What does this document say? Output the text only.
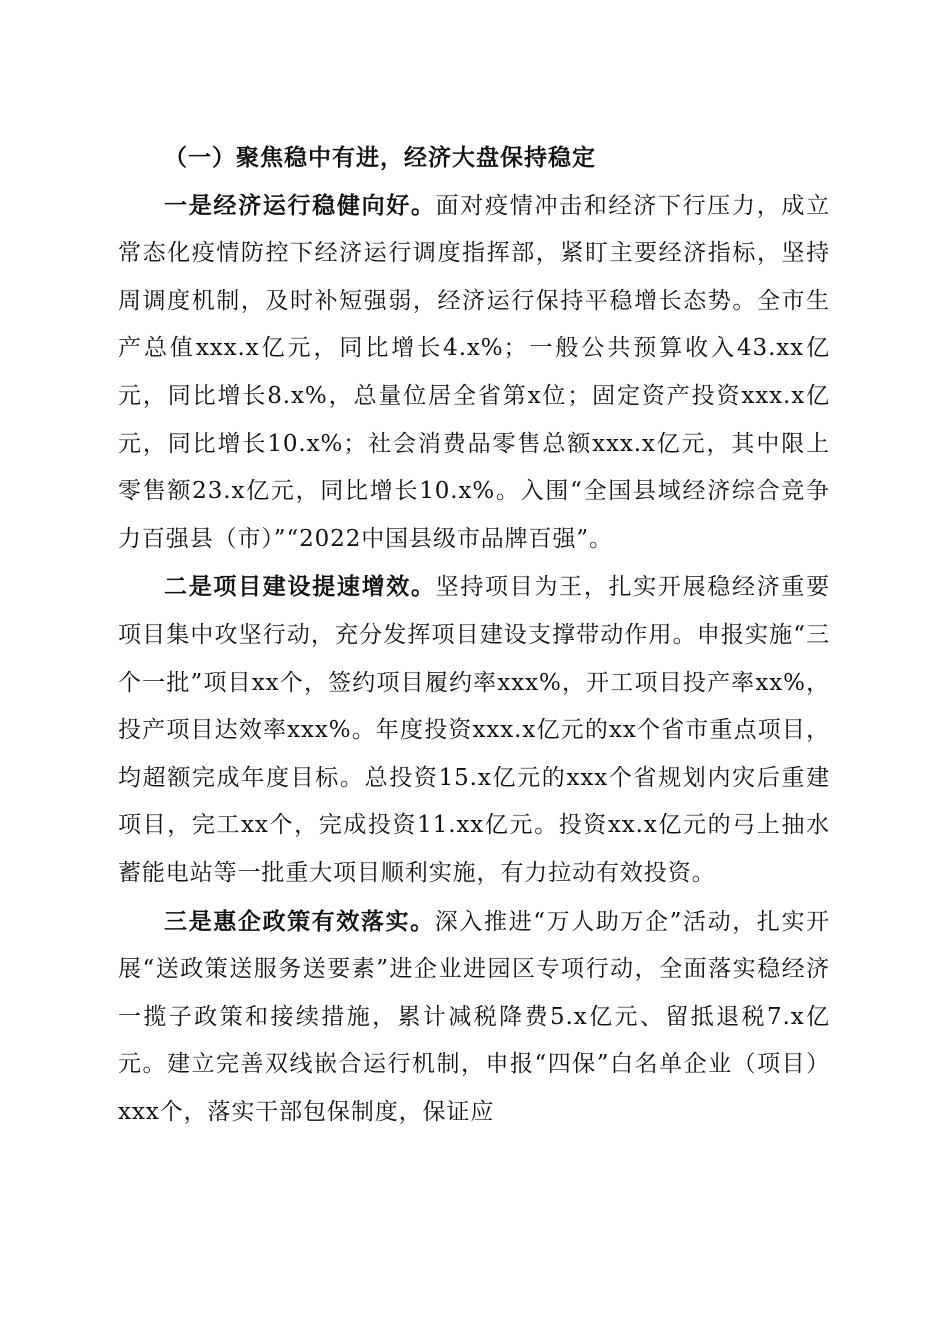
（一）聚焦稳中有进，经济大盘保持稳定

一是经济运行稳健向好。面对疫情冲击和经济下行压力，成立常态化疫情防控下经济运行调度指挥部，紧盯主要经济指标，坚持周调度机制，及时补短强弱，经济运行保持平稳增长态势。全市生产总值xxx.x亿元，同比增长4.x%；一般公共预算收入43.xx亿元，同比增长8.x%，总量位居全省第x位；固定资产投资xxx.x亿元，同比增长10.x%；社会消费品零售总额xxx.x亿元，其中限上零售额23.x亿元，同比增长10.x%。入围“全国县域经济综合竞争力百强县（市）”“2022中国县级市品牌百强”。

二是项目建设提速增效。坚持项目为王，扎实开展稳经济重要项目集中攻坚行动，充分发挥项目建设支撑带动作用。申报实施“三个一批”项目xx个，签约项目履约率xxx%，开工项目投产率xx%，投产项目达效率xxx%。年度投资xxx.x亿元的xx个省市重点项目，均超额完成年度目标。总投资15.x亿元的xxx个省规划内灾后重建项目，完工xx个，完成投资11.xx亿元。投资xx.x亿元的弓上抽水蓄能电站等一批重大项目顺利实施，有力拉动有效投资。

三是惠企政策有效落实。深入推进“万人助万企”活动，扎实开展“送政策送服务送要素”进企业进园区专项行动，全面落实稳经济一揽子政策和接续措施，累计减税降费5.x亿元、留抵退税7.x亿元。建立完善双线嵌合运行机制，申报“四保”白名单企业（项目）xxx个，落实干部包保制度，保证应
